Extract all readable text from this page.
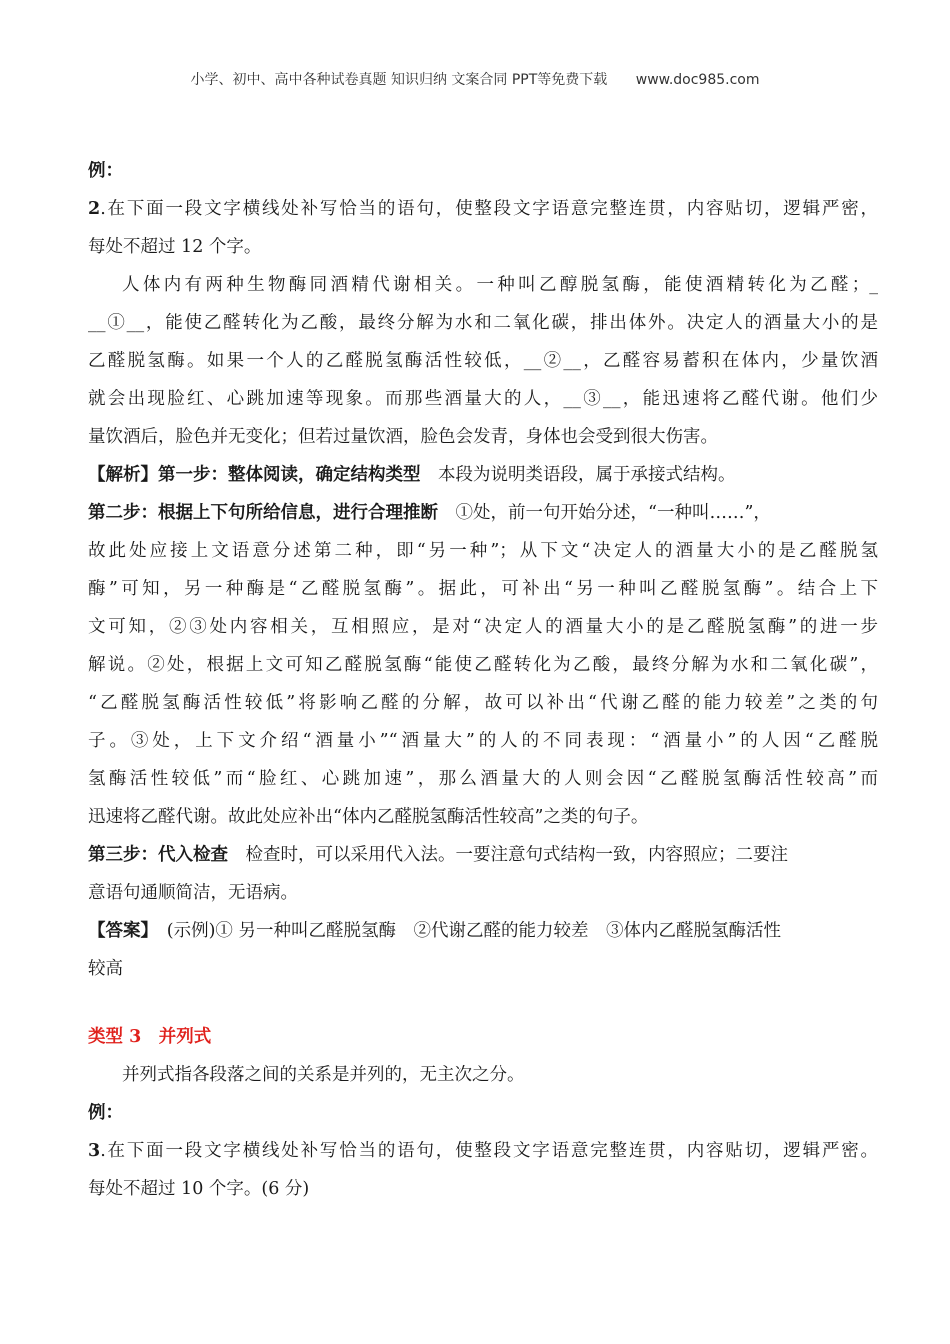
小学、初中、高中各种试卷真题 知识归纳 文案合同 PPT等免费下载 www.doc985.com
例：
2.在下面一段文字横线处补写恰当的语句，使整段文字语意完整连贯，内容贴切，逻辑严密，
每处不超过 12 个字。
人体内有两种生物酶同酒精代谢相关。一种叫乙醇脱氢酶，能使酒精转化为乙醛；_
__①__，能使乙醛转化为乙酸，最终分解为水和二氧化碳，排出体外。决定人的酒量大小的是
乙醛脱氢酶。如果一个人的乙醛脱氢酶活性较低，__②__，乙醛容易蓄积在体内，少量饮酒
就会出现脸红、心跳加速等现象。而那些酒量大的人，__③__，能迅速将乙醛代谢。他们少
量饮酒后，脸色并无变化；但若过量饮酒，脸色会发青，身体也会受到很大伤害。
【解析】第一步：整体阅读，确定结构类型　 本段为说明类语段，属于承接式结构。
第二步：根据上下句所给信息，进行合理推断　 ①处，前一句开始分述，“一种叫……”，
故此处应接上文语意分述第二种，即“另一种”；从下文“决定人的酒量大小的是乙醛脱氢
酶”可知，另一种酶是“乙醛脱氢酶”。据此，可补出“另一种叫乙醛脱氢酶”。结合上下
文可知，②③处内容相关，互相照应，是对“决定人的酒量大小的是乙醛脱氢酶”的进一步
解说。②处，根据上文可知乙醛脱氢酶“能使乙醛转化为乙酸，最终分解为水和二氧化碳”，
“乙醛脱氢酶活性较低”将影响乙醛的分解，故可以补出“代谢乙醛的能力较差”之类的句
子。③处，上下文介绍“酒量小”“酒量大”的人的不同表现：“酒量小”的人因“乙醛脱
氢酶活性较低”而“脸红、心跳加速”，那么酒量大的人则会因“乙醛脱氢酶活性较高”而
迅速将乙醛代谢。故此处应补出“体内乙醛脱氢酶活性较高”之类的句子。
第三步：代入检查　 检查时，可以采用代入法。一要注意句式结构一致，内容照应；二要注
意语句通顺简洁，无语病。
【答案】　 (示例)① 另一种叫乙醛脱氢酶　②代谢乙醛的能力较差　③体内乙醛脱氢酶活性
较高
类型 3　并列式
并列式指各段落之间的关系是并列的，无主次之分。
例：
3.在下面一段文字横线处补写恰当的语句，使整段文字语意完整连贯，内容贴切，逻辑严密。
每处不超过 10 个字。(6 分)
